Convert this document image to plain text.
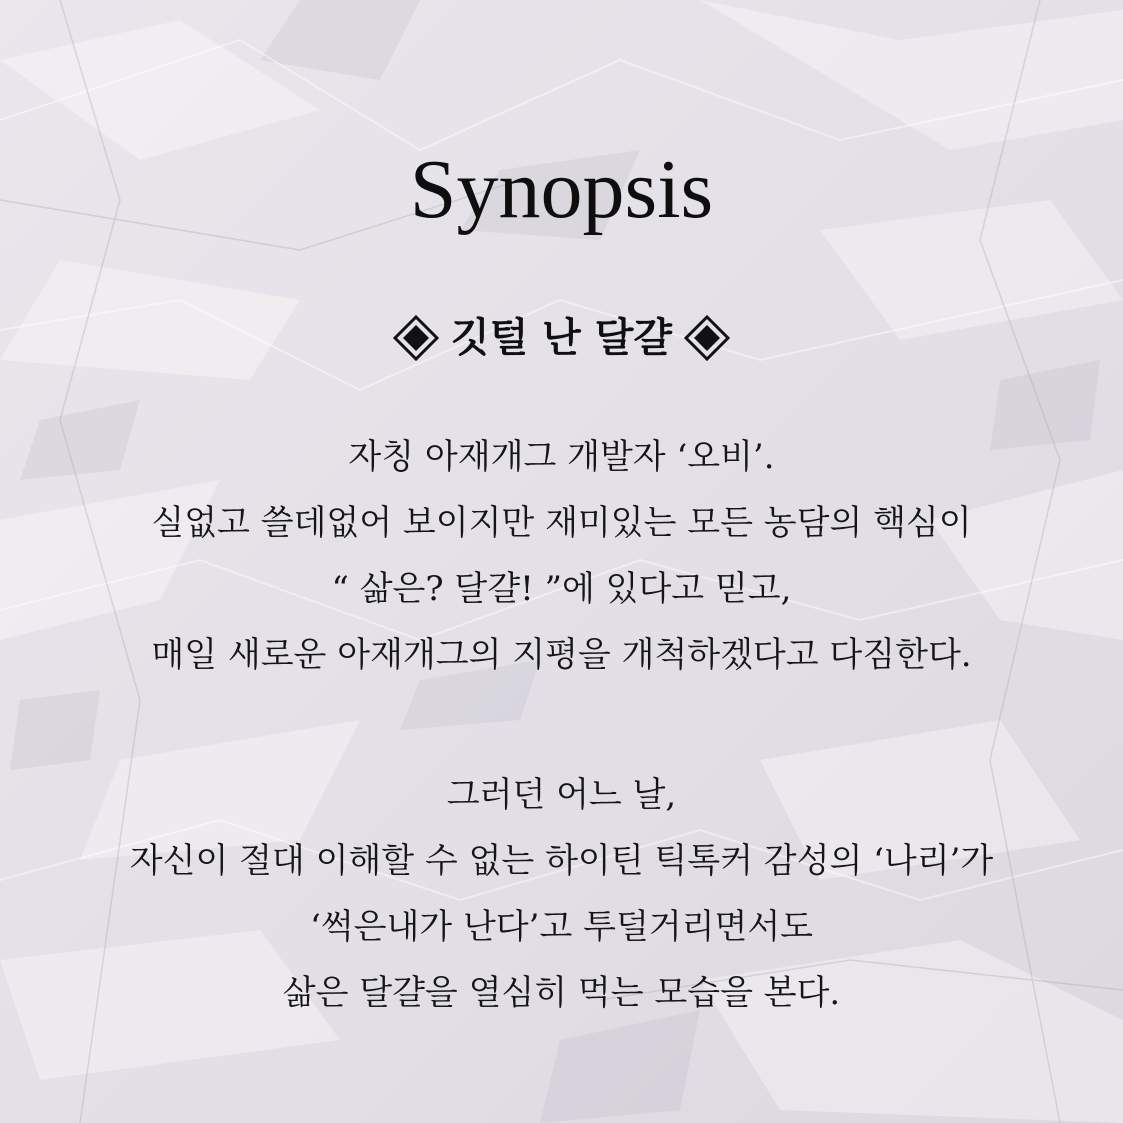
Synopsis
깃털 난 달걀
자칭 아재개그 개발자 ‘오비’.
실없고 쓸데없어 보이지만 재미있는 모든 농담의 핵심이
“ 삶은? 달걀! ”에 있다고 믿고,
매일 새로운 아재개그의 지평을 개척하겠다고 다짐한다.
그러던 어느 날,
자신이 절대 이해할 수 없는 하이틴 틱톡커 감성의 ‘나리’가
‘썩은내가 난다’고 투덜거리면서도
삶은 달걀을 열심히 먹는 모습을 본다.
